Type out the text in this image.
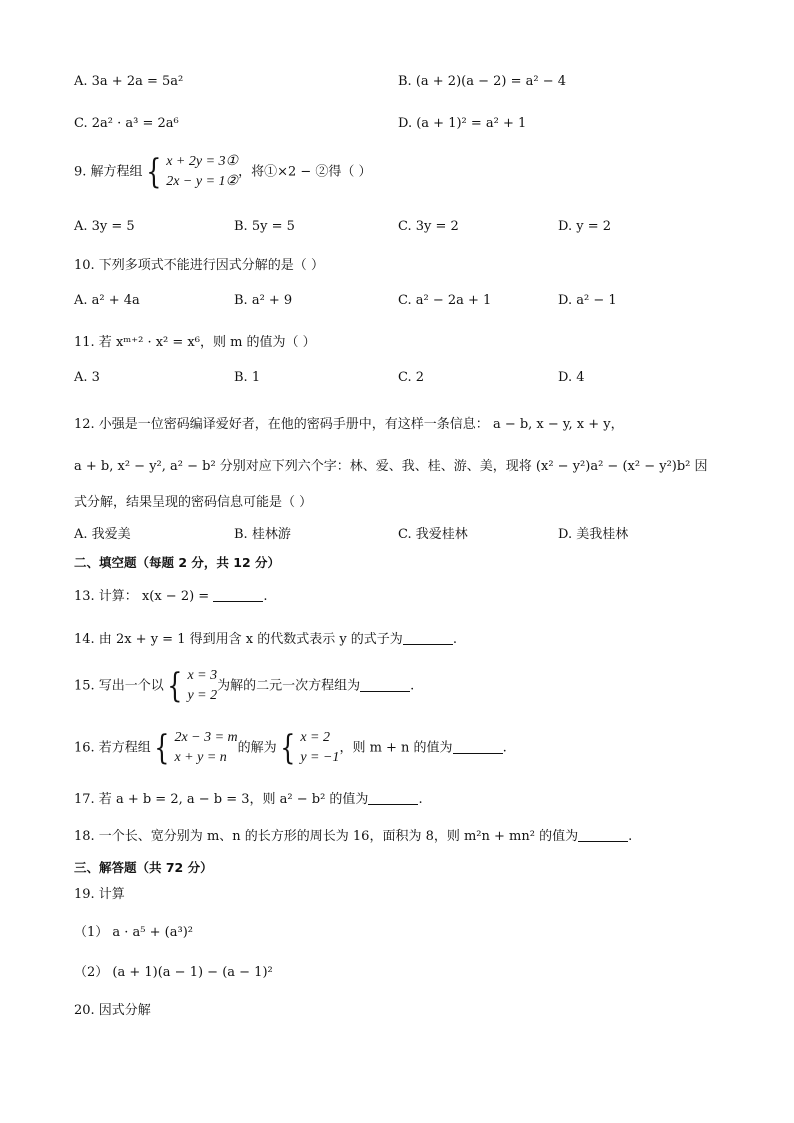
A. 3a + 2a = 5a²	B. (a + 2)(a − 2) = a² − 4
C. 2a² · a³ = 2a⁶	D. (a + 1)² = a² + 1
9. 解方程组 { x + 2y = 3①
2x − y = 1②
，将①×2 − ②得（ ）
A. 3y = 5	B. 5y = 5	C. 3y = 2	D. y = 2
10. 下列多项式不能进行因式分解的是（ ）
A. a² + 4a	B. a² + 9	C. a² − 2a + 1	D. a² − 1
11. 若 xᵐ⁺² · x² = x⁶，则 m 的值为（ ）
A. 3	B. 1	C. 2	D. 4
12. 小强是一位密码编译爱好者，在他的密码手册中，有这样一条信息： a − b, x − y, x + y，
a + b, x² − y², a² − b² 分别对应下列六个字：林、爱、我、桂、游、美，现将 (x² − y²)a² − (x² − y²)b² 因
式分解，结果呈现的密码信息可能是（ ）
A. 我爱美	B. 桂林游	C. 我爱桂林	D. 美我桂林
二、填空题（每题 2 分，共 12 分）
13. 计算： x(x − 2) =	.
14. 由 2x + y = 1 得到用含 x 的代数式表示 y 的式子为	.
15. 写出一个以 { x = 3
y = 2
为解的二元一次方程组为	.
16. 若方程组 { 2x − 3 = m
x + y = n
的解为 { x = 2
y = −1
，则 m + n 的值为	.
17. 若 a + b = 2, a − b = 3，则 a² − b² 的值为	.
18. 一个长、宽分别为 m、n 的长方形的周长为 16，面积为 8，则 m²n + mn² 的值为	.
三、解答题（共 72 分）
19. 计算
（1） a · a⁵ + (a³)²
（2） (a + 1)(a − 1) − (a − 1)²
20. 因式分解
